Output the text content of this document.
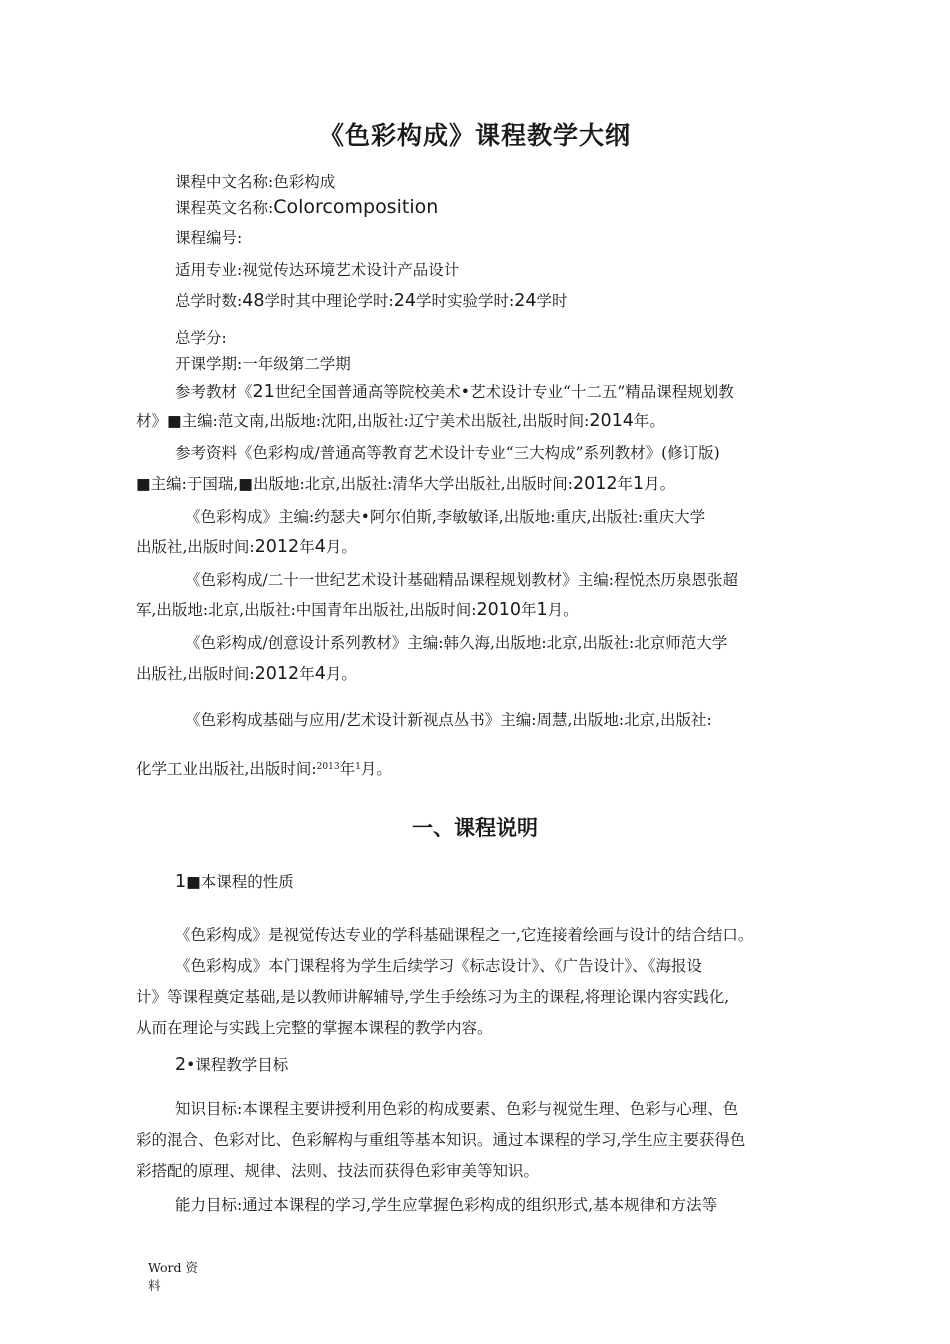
《色彩构成》课程教学大纲
课程中文名称:色彩构成
课程英文名称:Colorcomposition
课程编号:
适用专业:视觉传达环境艺术设计产品设计
总学时数:48学时其中理论学时:24学时实验学时:24学时
总学分:
开课学期:一年级第二学期
参考教材《21世纪全国普通高等院校美术•艺术设计专业“十二五”精品课程规划教
材》■主编:范文南,出版地:沈阳,出版社:辽宁美术出版社,出版时间:2014年。
参考资料《色彩构成/普通高等教育艺术设计专业“三大构成”系列教材》(修订版)
■主编:于国瑞,■出版地:北京,出版社:清华大学出版社,出版时间:2012年1月。
《色彩构成》主编:约瑟夫•阿尔伯斯,李敏敏译,出版地:重庆,出版社:重庆大学
出版社,出版时间:2012年4月。
《色彩构成/二十一世纪艺术设计基础精品课程规划教材》主编:程悦杰历泉恩张超
军,出版地:北京,出版社:中国青年出版社,出版时间:2010年1月。
《色彩构成/创意设计系列教材》主编:韩久海,出版地:北京,出版社:北京师范大学
出版社,出版时间:2012年4月。
《色彩构成基础与应用/艺术设计新视点丛书》主编:周慧,出版地:北京,出版社:
化学工业出版社,出版时间:$^{2013}$年$^1$月。
一、课程说明
1■本课程的性质
《色彩构成》是视觉传达专业的学科基础课程之一,它连接着绘画与设计的结合结口。
《色彩构成》本门课程将为学生后续学习《标志设计》、《广告设计》、《海报设
计》等课程奠定基础,是以教师讲解辅导,学生手绘练习为主的课程,将理论课内容实践化,
从而在理论与实践上完整的掌握本课程的教学内容。
2•课程教学目标
知识目标:本课程主要讲授利用色彩的构成要素、色彩与视觉生理、色彩与心理、色
彩的混合、色彩对比、色彩解构与重组等基本知识。通过本课程的学习,学生应主要获得色
彩搭配的原理、规律、法则、技法而获得色彩审美等知识。
能力目标:通过本课程的学习,学生应掌握色彩构成的组织形式,基本规律和方法等
Word 资
料
